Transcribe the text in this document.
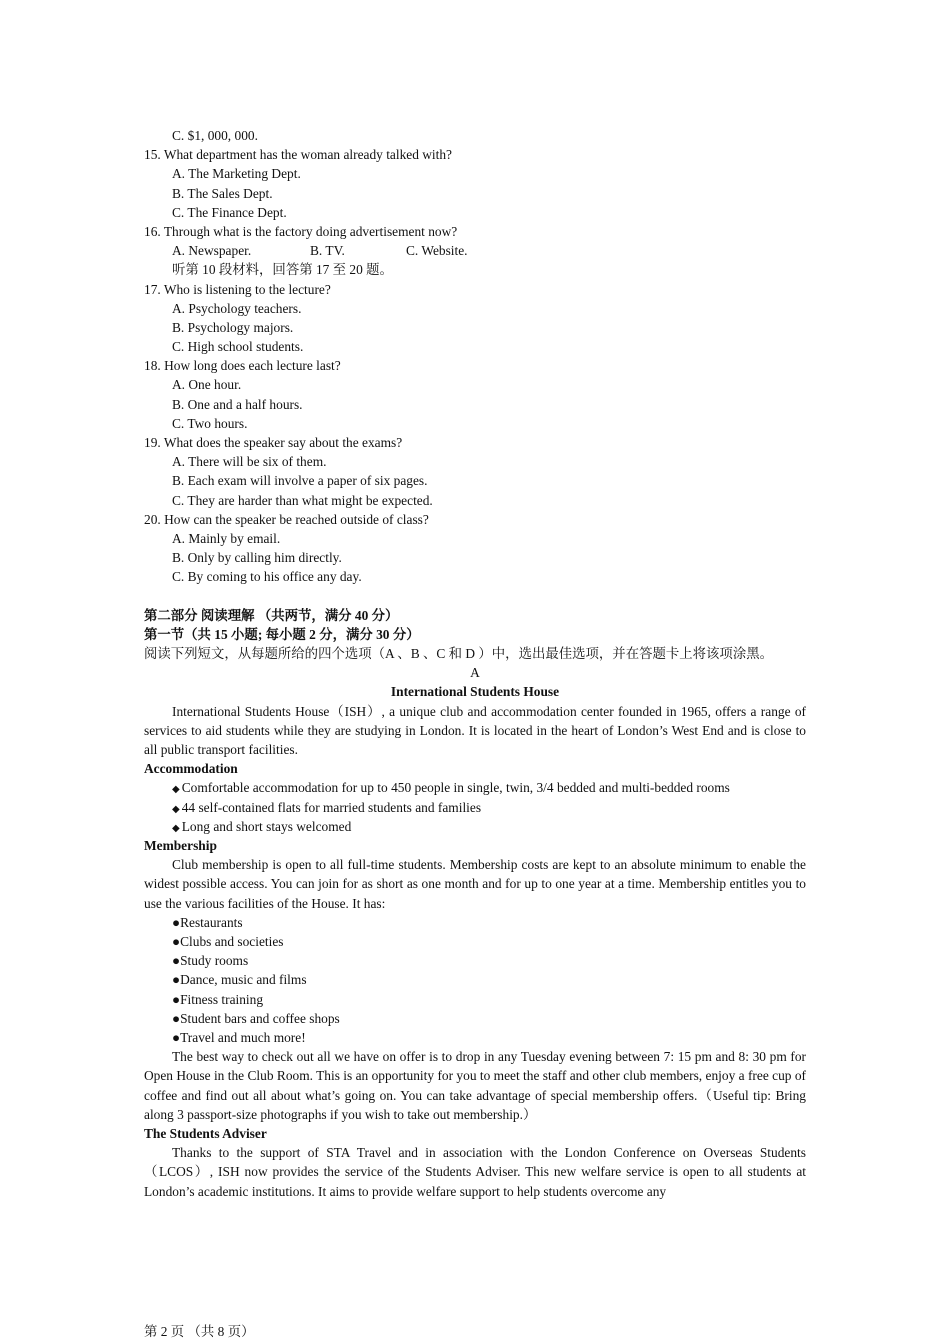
C. $1, 000, 000.
15. What department has the woman already talked with?
A. The Marketing Dept.
B. The Sales Dept.
C. The Finance Dept.
16. Through what is the factory doing advertisement now?
A. Newspaper.	B. TV.	C. Website.
听第 10 段材料，回答第 17 至 20 题。
17. Who is listening to the lecture?
A. Psychology teachers.
B. Psychology majors.
C. High school students.
18. How long does each lecture last?
A. One hour.
B. One and a half hours.
C. Two hours.
19. What does the speaker say about the exams?
A. There will be six of them.
B. Each exam will involve a paper of six pages.
C. They are harder than what might be expected.
20. How can the speaker be reached outside of class?
A. Mainly by email.
B. Only by calling him directly.
C. By coming to his office any day.
第二部分 阅读理解 （共两节，满分 40 分）
第一节（共 15 小题; 每小题 2 分，满分 30 分）
阅读下列短文，从每题所给的四个选项（A 、B 、C 和 D ）中，选出最佳选项，并在答题卡上将该项涂黑。
A
International Students House
International Students House（ISH）, a unique club and accommodation center founded in 1965, offers a range of services to aid students while they are studying in London. It is located in the heart of London’s West End and is close to all public transport facilities.
Accommodation
◆ Comfortable accommodation for up to 450 people in single, twin, 3/4 bedded and multi-bedded rooms
◆ 44 self-contained flats for married students and families
◆ Long and short stays welcomed
Membership
Club membership is open to all full-time students. Membership costs are kept to an absolute minimum to enable the widest possible access. You can join for as short as one month and for up to one year at a time. Membership entitles you to use the various facilities of the House. It has:
●Restaurants
●Clubs and societies
●Study rooms
●Dance, music and films
●Fitness training
●Student bars and coffee shops
●Travel and much more!
The best way to check out all we have on offer is to drop in any Tuesday evening between 7: 15 pm and 8: 30 pm for Open House in the Club Room. This is an opportunity for you to meet the staff and other club members, enjoy a free cup of coffee and find out all about what’s going on. You can take advantage of special membership offers.（Useful tip: Bring along 3 passport-size photographs if you wish to take out membership.）
The Students Adviser
Thanks to the support of STA Travel and in association with the London Conference on Overseas Students（LCOS）, ISH now provides the service of the Students Adviser. This new welfare service is open to all students at London’s academic institutions. It aims to provide welfare support to help students overcome any
第 2 页 （共 8 页）
